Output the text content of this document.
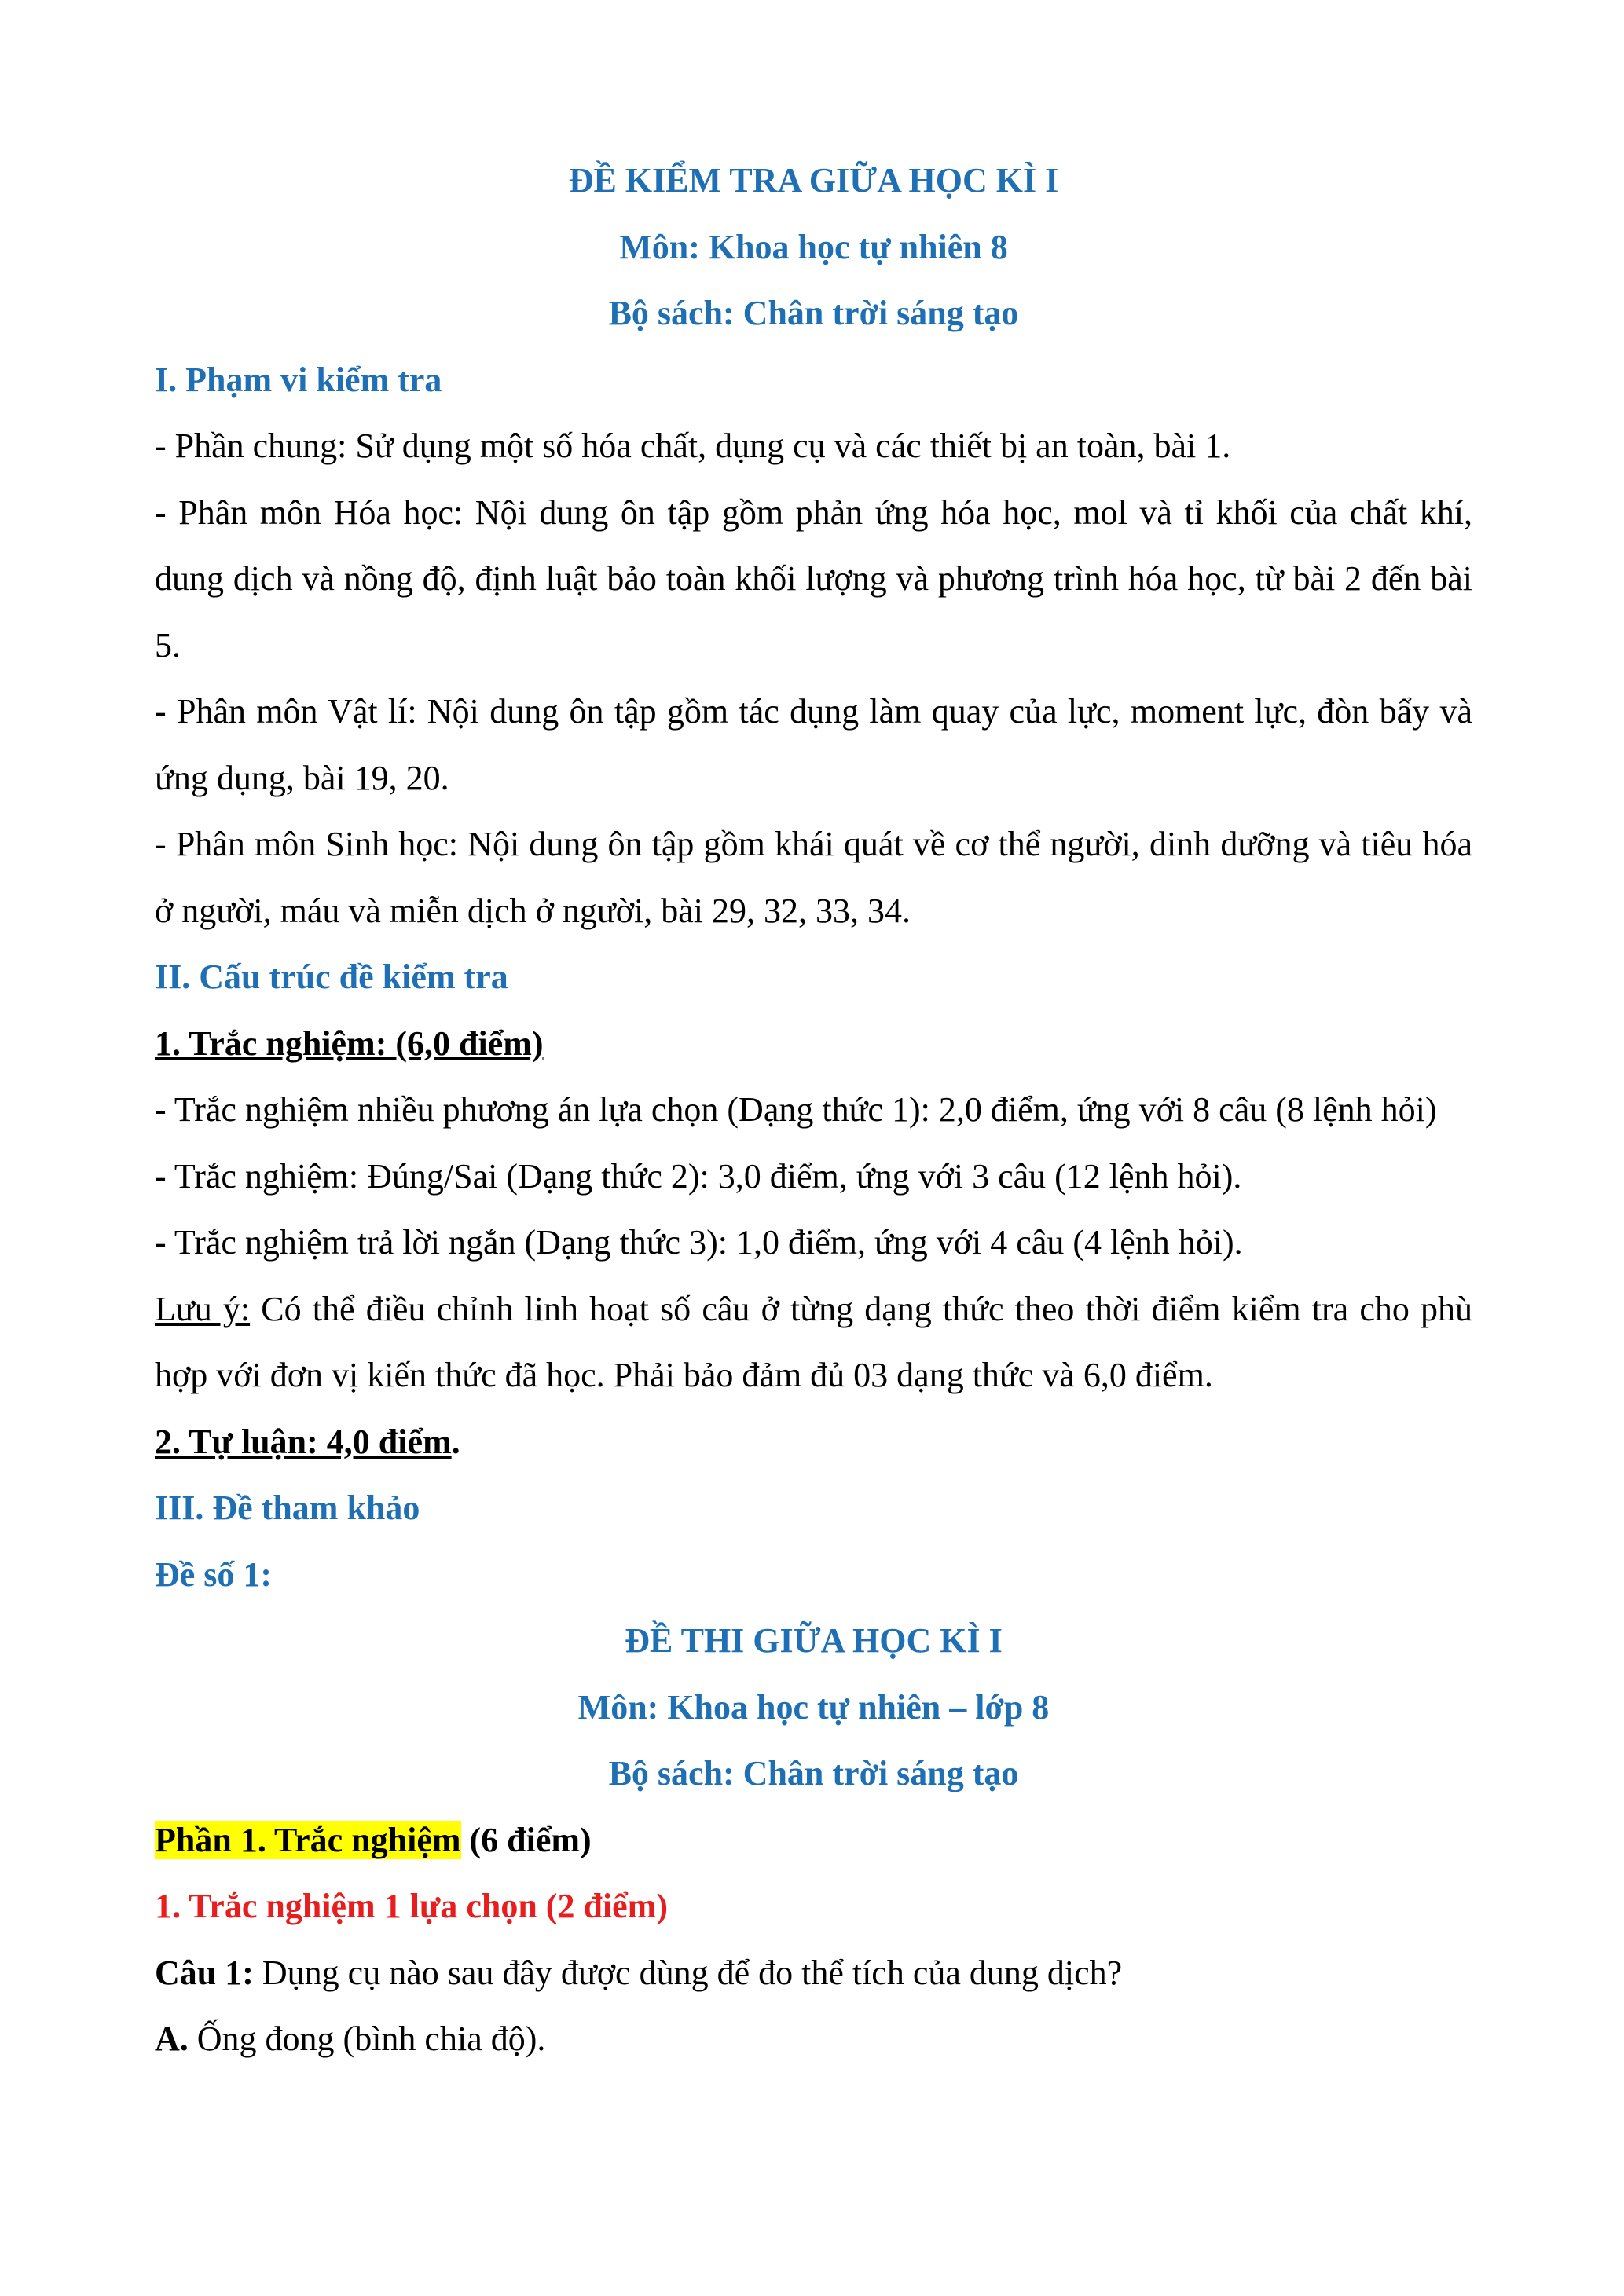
ĐỀ KIỂM TRA GIỮA HỌC KÌ I
Môn: Khoa học tự nhiên 8
Bộ sách: Chân trời sáng tạo
I. Phạm vi kiểm tra
- Phần chung: Sử dụng một số hóa chất, dụng cụ và các thiết bị an toàn, bài 1.
- Phân môn Hóa học: Nội dung ôn tập gồm phản ứng hóa học, mol và tỉ khối của chất khí, dung dịch và nồng độ, định luật bảo toàn khối lượng và phương trình hóa học, từ bài 2 đến bài 5.
- Phân môn Vật lí: Nội dung ôn tập gồm tác dụng làm quay của lực, moment lực, đòn bẩy và ứng dụng, bài 19, 20.
- Phân môn Sinh học: Nội dung ôn tập gồm khái quát về cơ thể người, dinh dưỡng và tiêu hóa ở người, máu và miễn dịch ở người, bài 29, 32, 33, 34.
II. Cấu trúc đề kiểm tra
1. Trắc nghiệm: (6,0 điểm)
- Trắc nghiệm nhiều phương án lựa chọn (Dạng thức 1): 2,0 điểm, ứng với 8 câu (8 lệnh hỏi)
- Trắc nghiệm: Đúng/Sai (Dạng thức 2): 3,0 điểm, ứng với 3 câu (12 lệnh hỏi).
- Trắc nghiệm trả lời ngắn (Dạng thức 3): 1,0 điểm, ứng với 4 câu (4 lệnh hỏi).
Lưu ý: Có thể điều chỉnh linh hoạt số câu ở từng dạng thức theo thời điểm kiểm tra cho phù hợp với đơn vị kiến thức đã học. Phải bảo đảm đủ 03 dạng thức và 6,0 điểm.
2. Tự luận: 4,0 điểm.
III. Đề tham khảo
Đề số 1:
ĐỀ THI GIỮA HỌC KÌ I
Môn: Khoa học tự nhiên – lớp 8
Bộ sách: Chân trời sáng tạo
Phần 1. Trắc nghiệm (6 điểm)
1. Trắc nghiệm 1 lựa chọn (2 điểm)
Câu 1: Dụng cụ nào sau đây được dùng để đo thể tích của dung dịch?
A. Ống đong (bình chia độ).
